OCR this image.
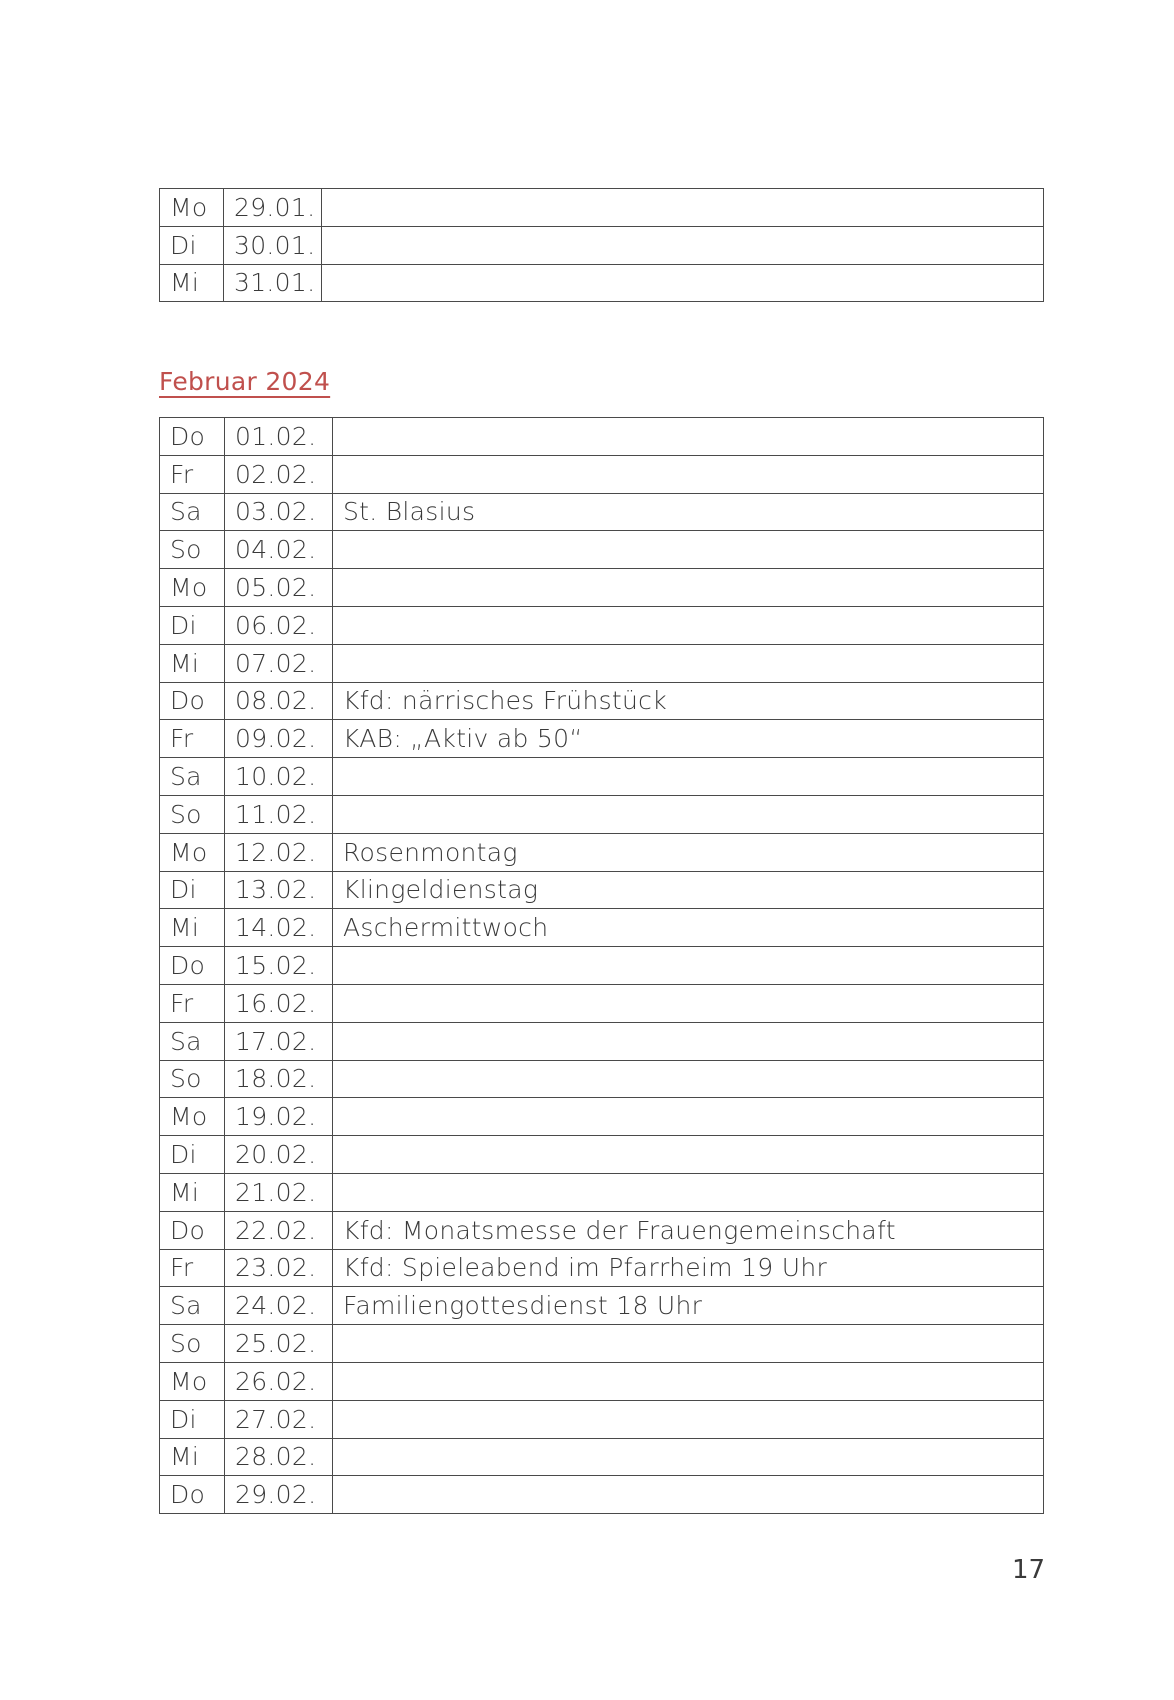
Mo	29.01.	
Di	30.01.	
Mi	31.01.	
Februar 2024
Do	01.02.	
Fr	02.02.	
Sa	03.02.	St. Blasius
So	04.02.	
Mo	05.02.	
Di	06.02.	
Mi	07.02.	
Do	08.02.	Kfd: närrisches Frühstück
Fr	09.02.	KAB: „Aktiv ab 50“
Sa	10.02.	
So	11.02.	
Mo	12.02.	Rosenmontag
Di	13.02.	Klingeldienstag
Mi	14.02.	Aschermittwoch
Do	15.02.	
Fr	16.02.	
Sa	17.02.	
So	18.02.	
Mo	19.02.	
Di	20.02.	
Mi	21.02.	
Do	22.02.	Kfd: Monatsmesse der Frauengemeinschaft
Fr	23.02.	Kfd: Spieleabend im Pfarrheim 19 Uhr
Sa	24.02.	Familiengottesdienst 18 Uhr
So	25.02.	
Mo	26.02.	
Di	27.02.	
Mi	28.02.	
Do	29.02.	
17
